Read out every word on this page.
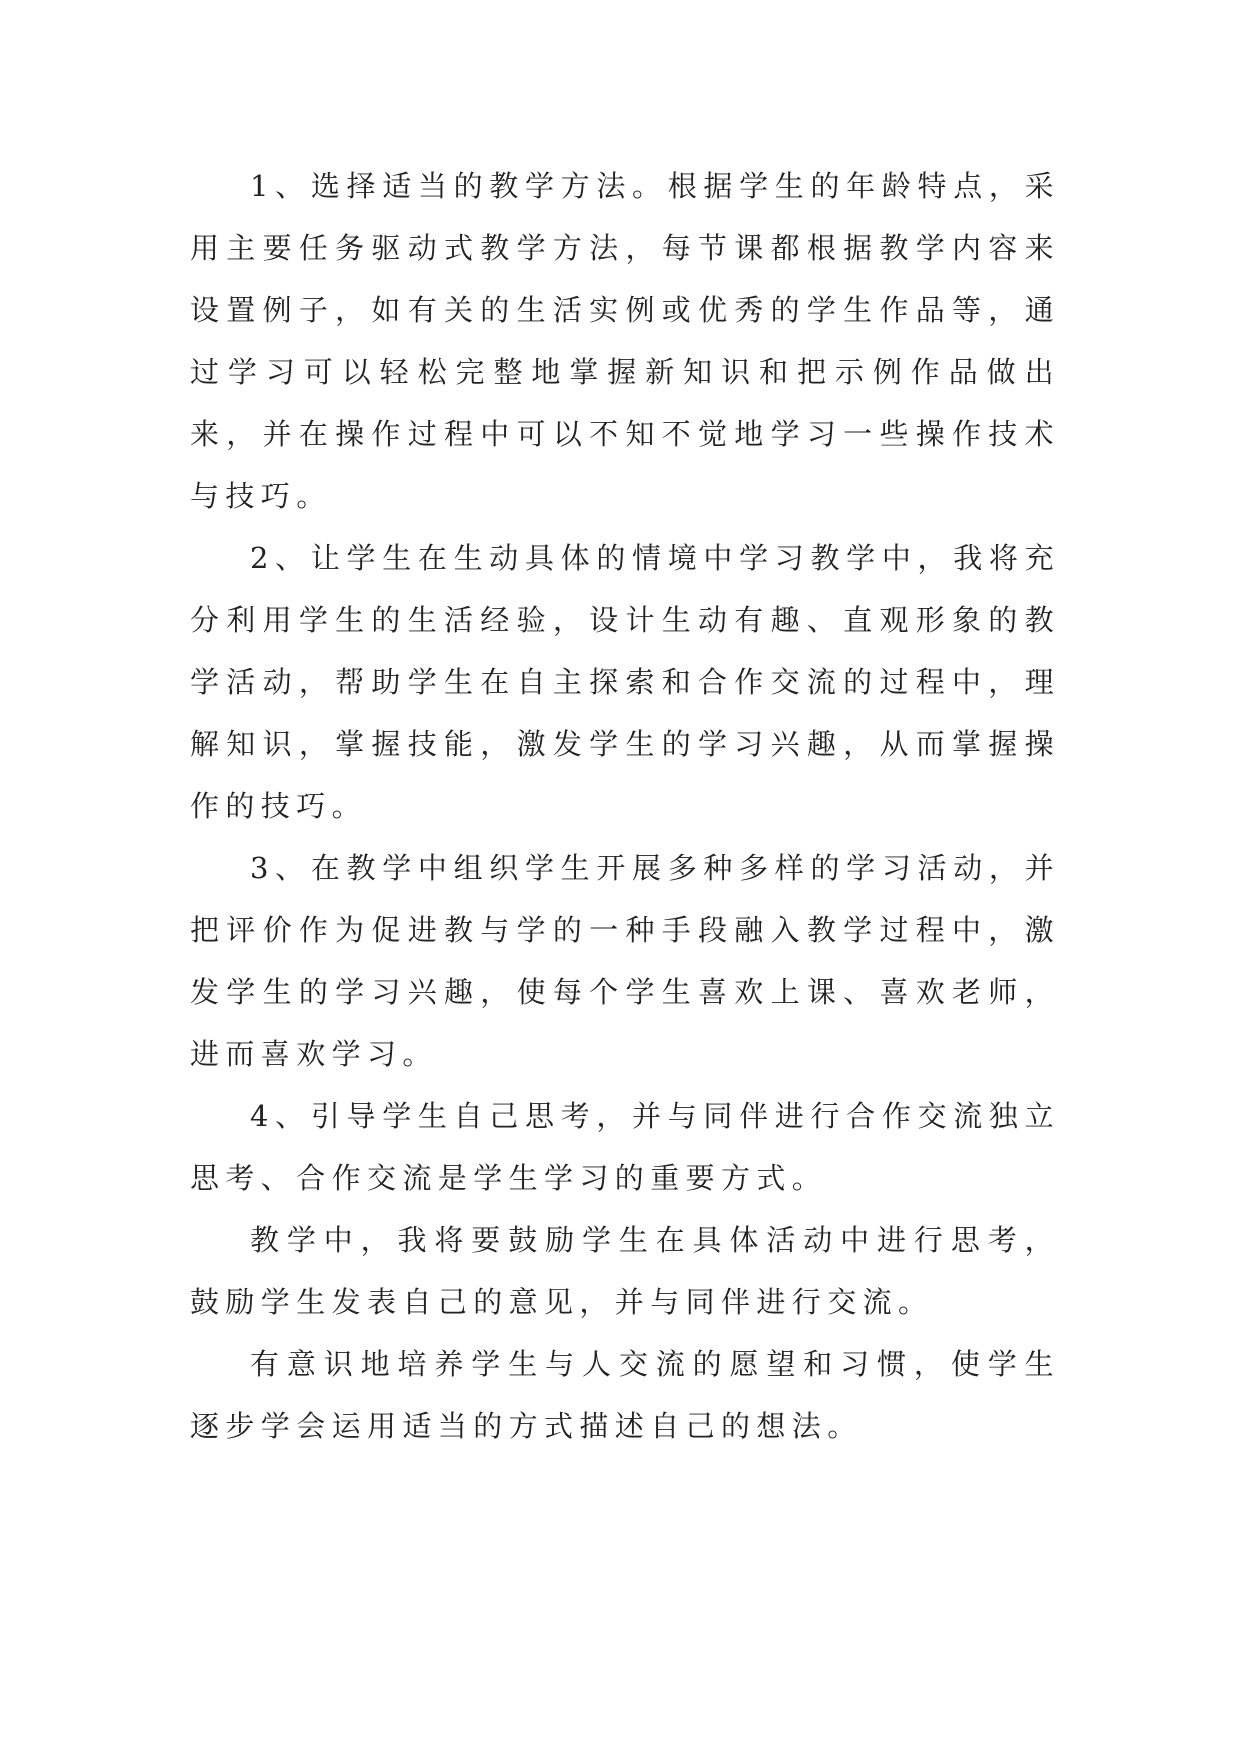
1、选择适当的教学方法。根据学生的年龄特点，采用主要任务驱动式教学方法，每节课都根据教学内容来设置例子，如有关的生活实例或优秀的学生作品等，通过学习可以轻松完整地掌握新知识和把示例作品做出来，并在操作过程中可以不知不觉地学习一些操作技术与技巧。

2、让学生在生动具体的情境中学习教学中，我将充分利用学生的生活经验，设计生动有趣、直观形象的教学活动，帮助学生在自主探索和合作交流的过程中，理解知识，掌握技能，激发学生的学习兴趣，从而掌握操作的技巧。

3、在教学中组织学生开展多种多样的学习活动，并把评价作为促进教与学的一种手段融入教学过程中，激发学生的学习兴趣，使每个学生喜欢上课、喜欢老师，进而喜欢学习。

4、引导学生自己思考，并与同伴进行合作交流独立思考、合作交流是学生学习的重要方式。

教学中，我将要鼓励学生在具体活动中进行思考，鼓励学生发表自己的意见，并与同伴进行交流。

有意识地培养学生与人交流的愿望和习惯，使学生逐步学会运用适当的方式描述自己的想法。
